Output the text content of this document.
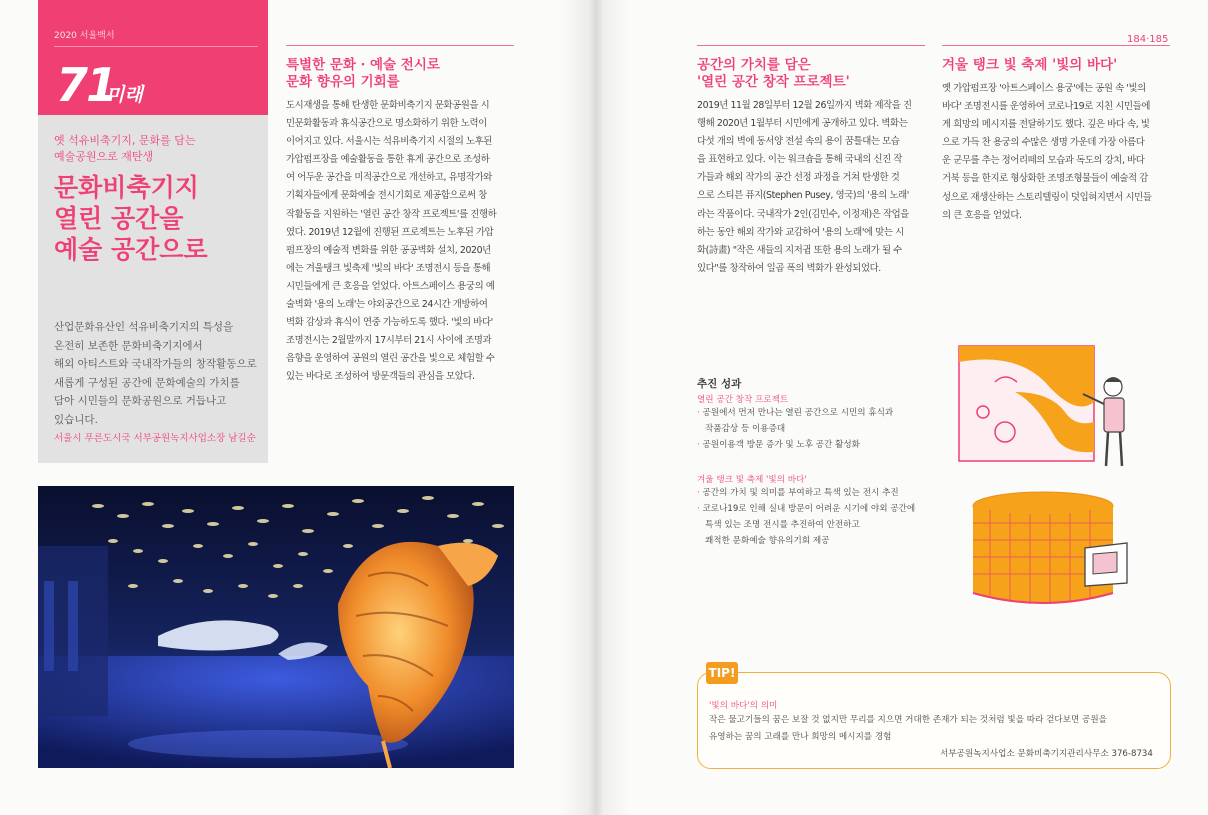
2020 서울백서
71
미래
옛 석유비축기지, 문화를 담는
예술공원으로 재탄생
문화비축기지
열린 공간을
예술 공간으로
산업문화유산인 석유비축기지의 특성을
온전히 보존한 문화비축기지에서
해외 아티스트와 국내작가들의 창작활동으로
새롭게 구성된 공간에 문화예술의 가치를
담아 시민들의 문화공원으로 거듭나고
있습니다.
서울시 푸른도시국 서부공원녹지사업소장 남길순
특별한 문화 · 예술 전시로
문화 향유의 기회를
도시재생을 통해 탄생한 문화비축기지 문화공원을 시
민문화활동과 휴식공간으로 명소화하기 위한 노력이
이어지고 있다. 서울시는 석유비축기지 시절의 노후된
가압펌프장을 예술활동을 통한 휴게 공간으로 조성하
여 어두운 공간을 미적공간으로 개선하고, 유명작가와
기획자들에게 문화예술 전시기회로 제공함으로써 창
작활동을 지원하는 '열린 공간 창작 프로젝트'를 진행하
였다. 2019년 12월에 진행된 프로젝트는 노후된 가압
펌프장의 예술적 변화를 위한 공공벽화 설치, 2020년
에는 겨울탱크 빛축제 '빛의 바다' 조명전시 등을 통해
시민들에게 큰 호응을 얻었다. 아트스페이스 용궁의 예
술벽화 '용의 노래'는 야외공간으로 24시간 개방하여
벽화 감상과 휴식이 연중 가능하도록 했다. '빛의 바다'
조명전시는 2월말까지 17시부터 21시 사이에 조명과
음향을 운영하여 공원의 열린 공간을 빛으로 체험할 수
있는 바다로 조성하여 방문객들의 관심을 모았다.
184·185
공간의 가치를 담은
'열린 공간 창작 프로젝트'
2019년 11월 28일부터 12월 26일까지 벽화 제작을 진
행해 2020년 1월부터 시민에게 공개하고 있다. 벽화는
다섯 개의 벽에 동서양 전설 속의 용이 꿈틀대는 모습
을 표현하고 있다. 이는 워크숍을 통해 국내의 신진 작
가들과 해외 작가의 공간 선정 과정을 거쳐 탄생한 것
으로 스티븐 퓨지(Stephen Pusey, 영국)의 '용의 노래'
라는 작품이다. 국내작가 2인(김민수, 이정재)은 작업을
하는 동안 해외 작가와 교감하여 '용의 노래'에 맞는 시
화(詩畫) "작은 새들의 지저귐 또한 용의 노래가 될 수
있다"를 창작하여 일곱 폭의 벽화가 완성되었다.
겨울 탱크 빛 축제 '빛의 바다'
옛 가압펌프장 '아트스페이스 용궁'에는 공원 속 '빛의
바다' 조명전시를 운영하여 코로나19로 지친 시민들에
게 희망의 메시지를 전달하기도 했다. 깊은 바다 속, 빛
으로 가득 찬 용궁의 수많은 생명 가운데 가장 아름다
운 군무를 추는 정어리떼의 모습과 독도의 강치, 바다
거북 등을 한지로 형상화한 조명조형물들이 예술적 감
성으로 재생산하는 스토리텔링이 덧입혀지면서 시민들
의 큰 호응을 얻었다.
추진 성과
열린 공간 창작 프로젝트
· 공원에서 먼저 만나는 열린 공간으로 시민의 휴식과
작품감상 등 이용증대
· 공원이용객 방문 증가 및 노후 공간 활성화
겨울 탱크 빛 축제 '빛의 바다'
· 공간의 가치 및 의미를 부여하고 특색 있는 전시 추진
· 코로나19로 인해 실내 방문이 어려운 시기에 야외 공간에
특색 있는 조명 전시를 추진하여 안전하고
쾌적한 문화예술 향유의기회 제공
TIP!
'빛의 바다'의 의미
작은 물고기들의 꿈은 보잘 것 없지만 무리를 지으면 거대한 존재가 되는 것처럼 빛을 따라 걷다보면 공원을
유영하는 꿈의 고래를 만나 희망의 메시지를 경험
서부공원녹지사업소 문화비축기지관리사무소 376-8734
